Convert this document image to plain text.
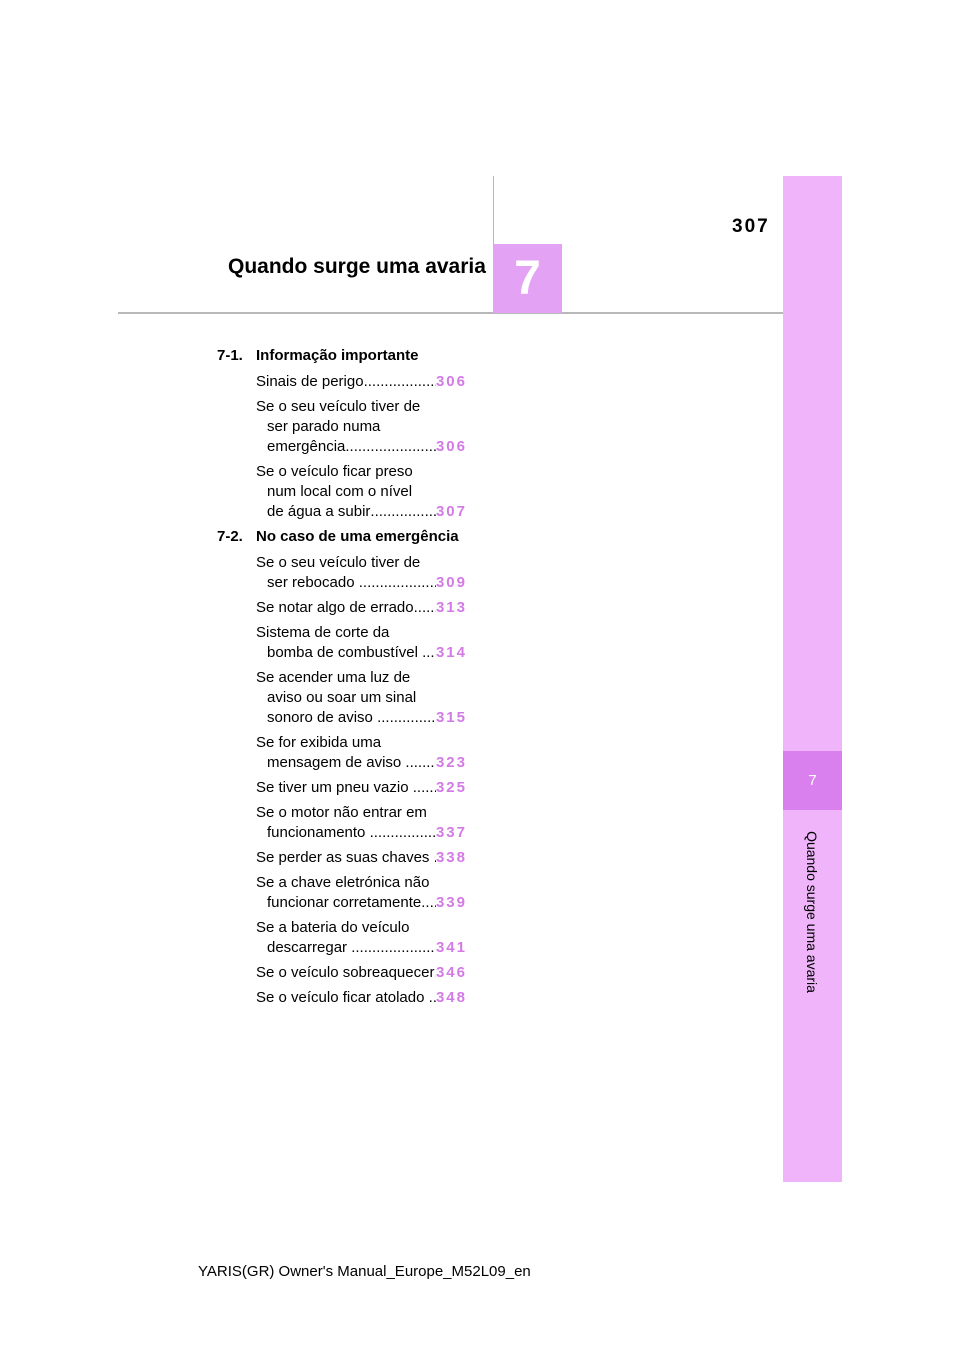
307
Quando surge uma avaria 7
7
Quando surge uma avaria
7-1. Informação importante
Sinais de perigo .....	306
Se o seu veículo tiver de
ser parado numa
emergência .....	306
Se o veículo ficar preso
num local com o nível
de água a subir .....	307
7-2. No caso de uma emergência
Se o seu veículo tiver de
ser rebocado .....	309
Se notar algo de errado ..... 313
Sistema de corte da
bomba de combustível ..... 314
Se acender uma luz de
aviso ou soar um sinal
sonoro de aviso .....	315
Se for exibida uma
mensagem de aviso ..... 323
Se tiver um pneu vazio ..... 325
Se o motor não entrar em
funcionamento .....	337
Se perder as suas chaves ..... 338
Se a chave eletrónica não
funcionar corretamente ..... 339
Se a bateria do veículo
descarregar .....	341
Se o veículo sobreaquecer ..... 346
Se o veículo ficar atolado ..... 348
YARIS(GR) Owner's Manual_Europe_M52L09_en
